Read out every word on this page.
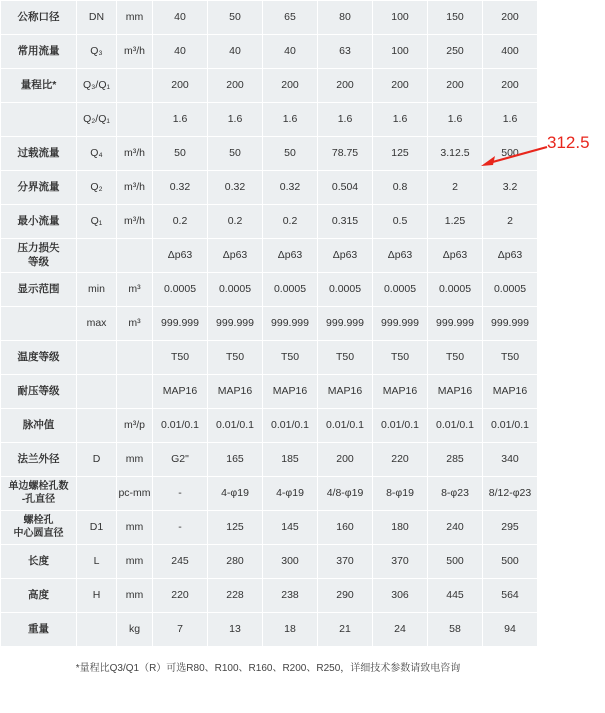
公称口径	DN	mm	40	50	65	80	100	150	200
常用流量	Q₃	m³/h	40	40	40	63	100	250	400
量程比*	Q₃/Q₁		200	200	200	200	200	200	200
	Q₂/Q₁		1.6	1.6	1.6	1.6	1.6	1.6	1.6
过载流量	Q₄	m³/h	50	50	50	78.75	125	3.12.5	500
分界流量	Q₂	m³/h	0.32	0.32	0.32	0.504	0.8	2	3.2
最小流量	Q₁	m³/h	0.2	0.2	0.2	0.315	0.5	1.25	2
压力损失
等级			Δp63	Δp63	Δp63	Δp63	Δp63	Δp63	Δp63
显示范围	min	m³	0.0005	0.0005	0.0005	0.0005	0.0005	0.0005	0.0005
	max	m³	999.999	999.999	999.999	999.999	999.999	999.999	999.999
温度等级			T50	T50	T50	T50	T50	T50	T50
耐压等级			MAP16	MAP16	MAP16	MAP16	MAP16	MAP16	MAP16
脉冲值		m³/p	0.01/0.1	0.01/0.1	0.01/0.1	0.01/0.1	0.01/0.1	0.01/0.1	0.01/0.1
法兰外径	D	mm	G2"	165	185	200	220	285	340
单边螺栓孔数
-孔直径		pc-mm	-	4-φ19	4-φ19	4/8-φ19	8-φ19	8-φ23	8/12-φ23
螺栓孔
中心圆直径	D1	mm	-	125	145	160	180	240	295
长度	L	mm	245	280	300	370	370	500	500
高度	H	mm	220	228	238	290	306	445	564
重量		kg	7	13	18	21	24	58	94
*量程比Q3/Q1（R）可选R80、R100、R160、R200、R250，详细技术参数请致电咨询
312.5
